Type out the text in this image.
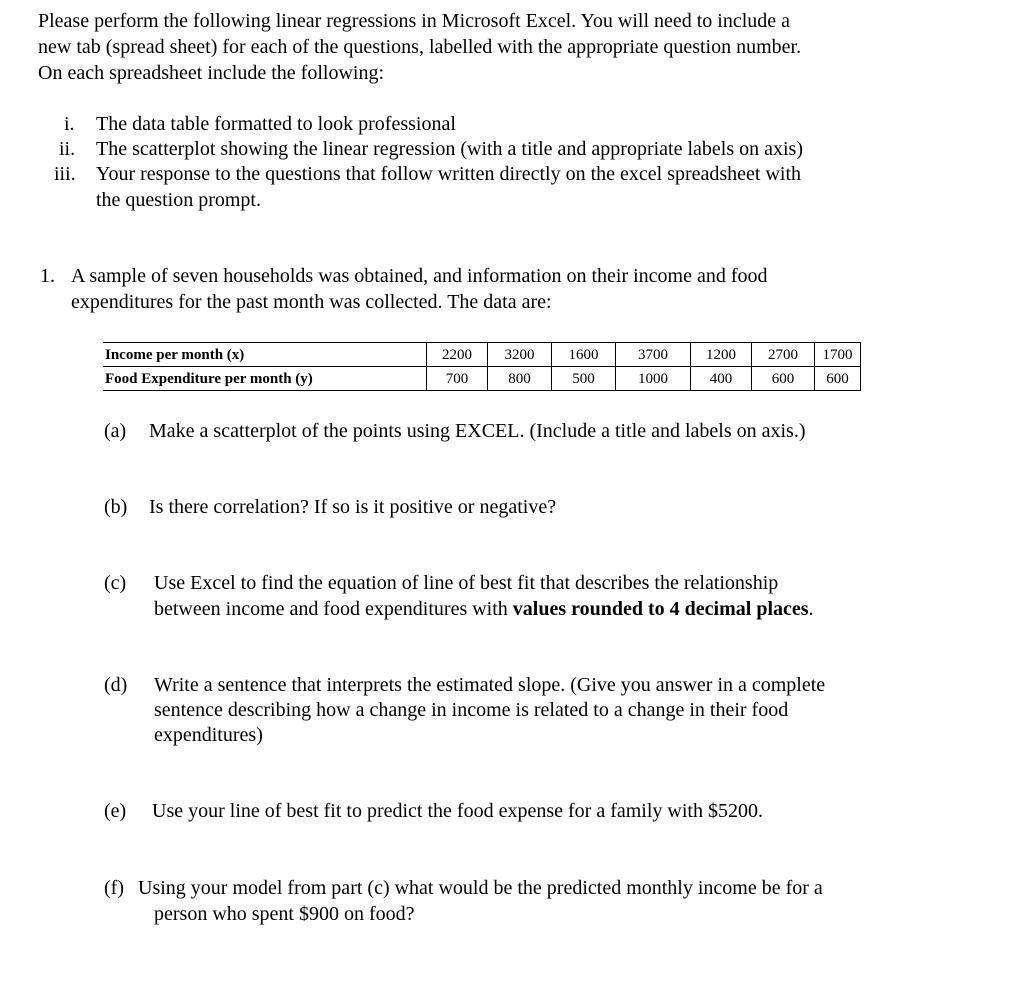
Please perform the following linear regressions in Microsoft Excel. You will need to include a
new tab (spread sheet) for each of the questions, labelled with the appropriate question number.
On each spreadsheet include the following:
i. The data table formatted to look professional
ii. The scatterplot showing the linear regression (with a title and appropriate labels on axis)
iii. Your response to the questions that follow written directly on the excel spreadsheet with
the question prompt.
1. A sample of seven households was obtained, and information on their income and food
expenditures for the past month was collected. The data are:
Income per month (x)	2200	3200	1600	3700	1200	2700	1700
Food Expenditure per month (y)	700	800	500	1000	400	600	600
(a) Make a scatterplot of the points using EXCEL. (Include a title and labels on axis.)
(b) Is there correlation? If so is it positive or negative?
(c) Use Excel to find the equation of line of best fit that describes the relationship
between income and food expenditures with values rounded to 4 decimal places.
(d) Write a sentence that interprets the estimated slope. (Give you answer in a complete
sentence describing how a change in income is related to a change in their food
expenditures)
(e) Use your line of best fit to predict the food expense for a family with $5200.
(f) Using your model from part (c) what would be the predicted monthly income be for a
person who spent $900 on food?
